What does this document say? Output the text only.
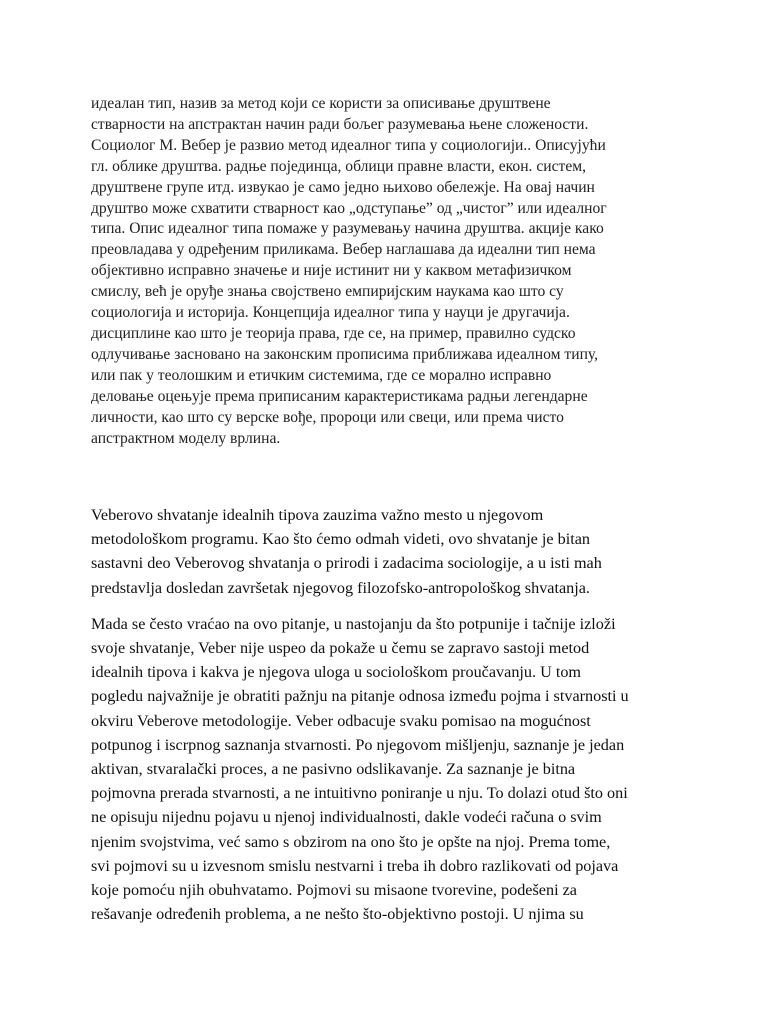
идеалан тип, назив за метод који се користи за описивање друштвене
стварности на апстрактан начин ради бољег разумевања њене сложености.
Социолог М. Вебер је развио метод идеалног типа у социологији.. Описујући
гл. облике друштва. радње појединца, облици правне власти, екон. систем,
друштвене групе итд. извукао је само једно њихово обележје. На овај начин
друштво може схватити стварност као „одступање” од „чистог” или идеалног
типа. Опис идеалног типа помаже у разумевању начина друштва. акције како
преовладава у одређеним приликама. Вебер наглашава да идеални тип нема
објективно исправно значење и није истинит ни у каквом метафизичком
смислу, већ је оруђе знања својствено емпиријским наукама као што су
социологија и историја. Концепција идеалног типа у науци је другачија.
дисциплине као што је теорија права, где се, на пример, правилно судско
одлучивање засновано на законским прописима приближава идеалном типу,
или пак у теолошким и етичким системима, где се морално исправно
деловање оцењује према приписаним карактеристикама радњи легендарне
личности, као што су верске вође, пророци или свеци, или према чисто
апстрактном моделу врлина.
Veberovo shvatanje idealnih tipova zauzima važno mesto u njegovom
metodološkom programu. Kao što ćemo odmah videti, ovo shvatanje je bitan
sastavni deo Veberovog shvatanja o prirodi i zadacima sociologije, a u isti mah
predstavlja dosledan završetak njegovog filozofsko-antropološkog shvatanja.
Mada se često vraćao na ovo pitanje, u nastojanju da što potpunije i tačnije izloži
svoje shvatanje, Veber nije uspeo da pokaže u čemu se zapravo sastoji metod
idealnih tipova i kakva je njegova uloga u sociološkom proučavanju. U tom
pogledu najvažnije je obratiti pažnju na pitanje odnosa između pojma i stvarnosti u
okviru Veberove metodologije. Veber odbacuje svaku pomisao na mogućnost
potpunog i iscrpnog saznanja stvarnosti. Po njegovom mišljenju, saznanje je jedan
aktivan, stvaralački proces, a ne pasivno odslikavanje. Za saznanje je bitna
pojmovna prerada stvarnosti, a ne intuitivno poniranje u nju. To dolazi otud što oni
ne opisuju nijednu pojavu u njenoj individualnosti, dakle vodeći računa o svim
njenim svojstvima, već samo s obzirom na ono što je opšte na njoj. Prema tome,
svi pojmovi su u izvesnom smislu nestvarni i treba ih dobro razlikovati od pojava
koje pomoću njih obuhvatamo. Pojmovi su misaone tvorevine, podešeni za
rešavanje određenih problema, a ne nešto što-objektivno postoji. U njima su
